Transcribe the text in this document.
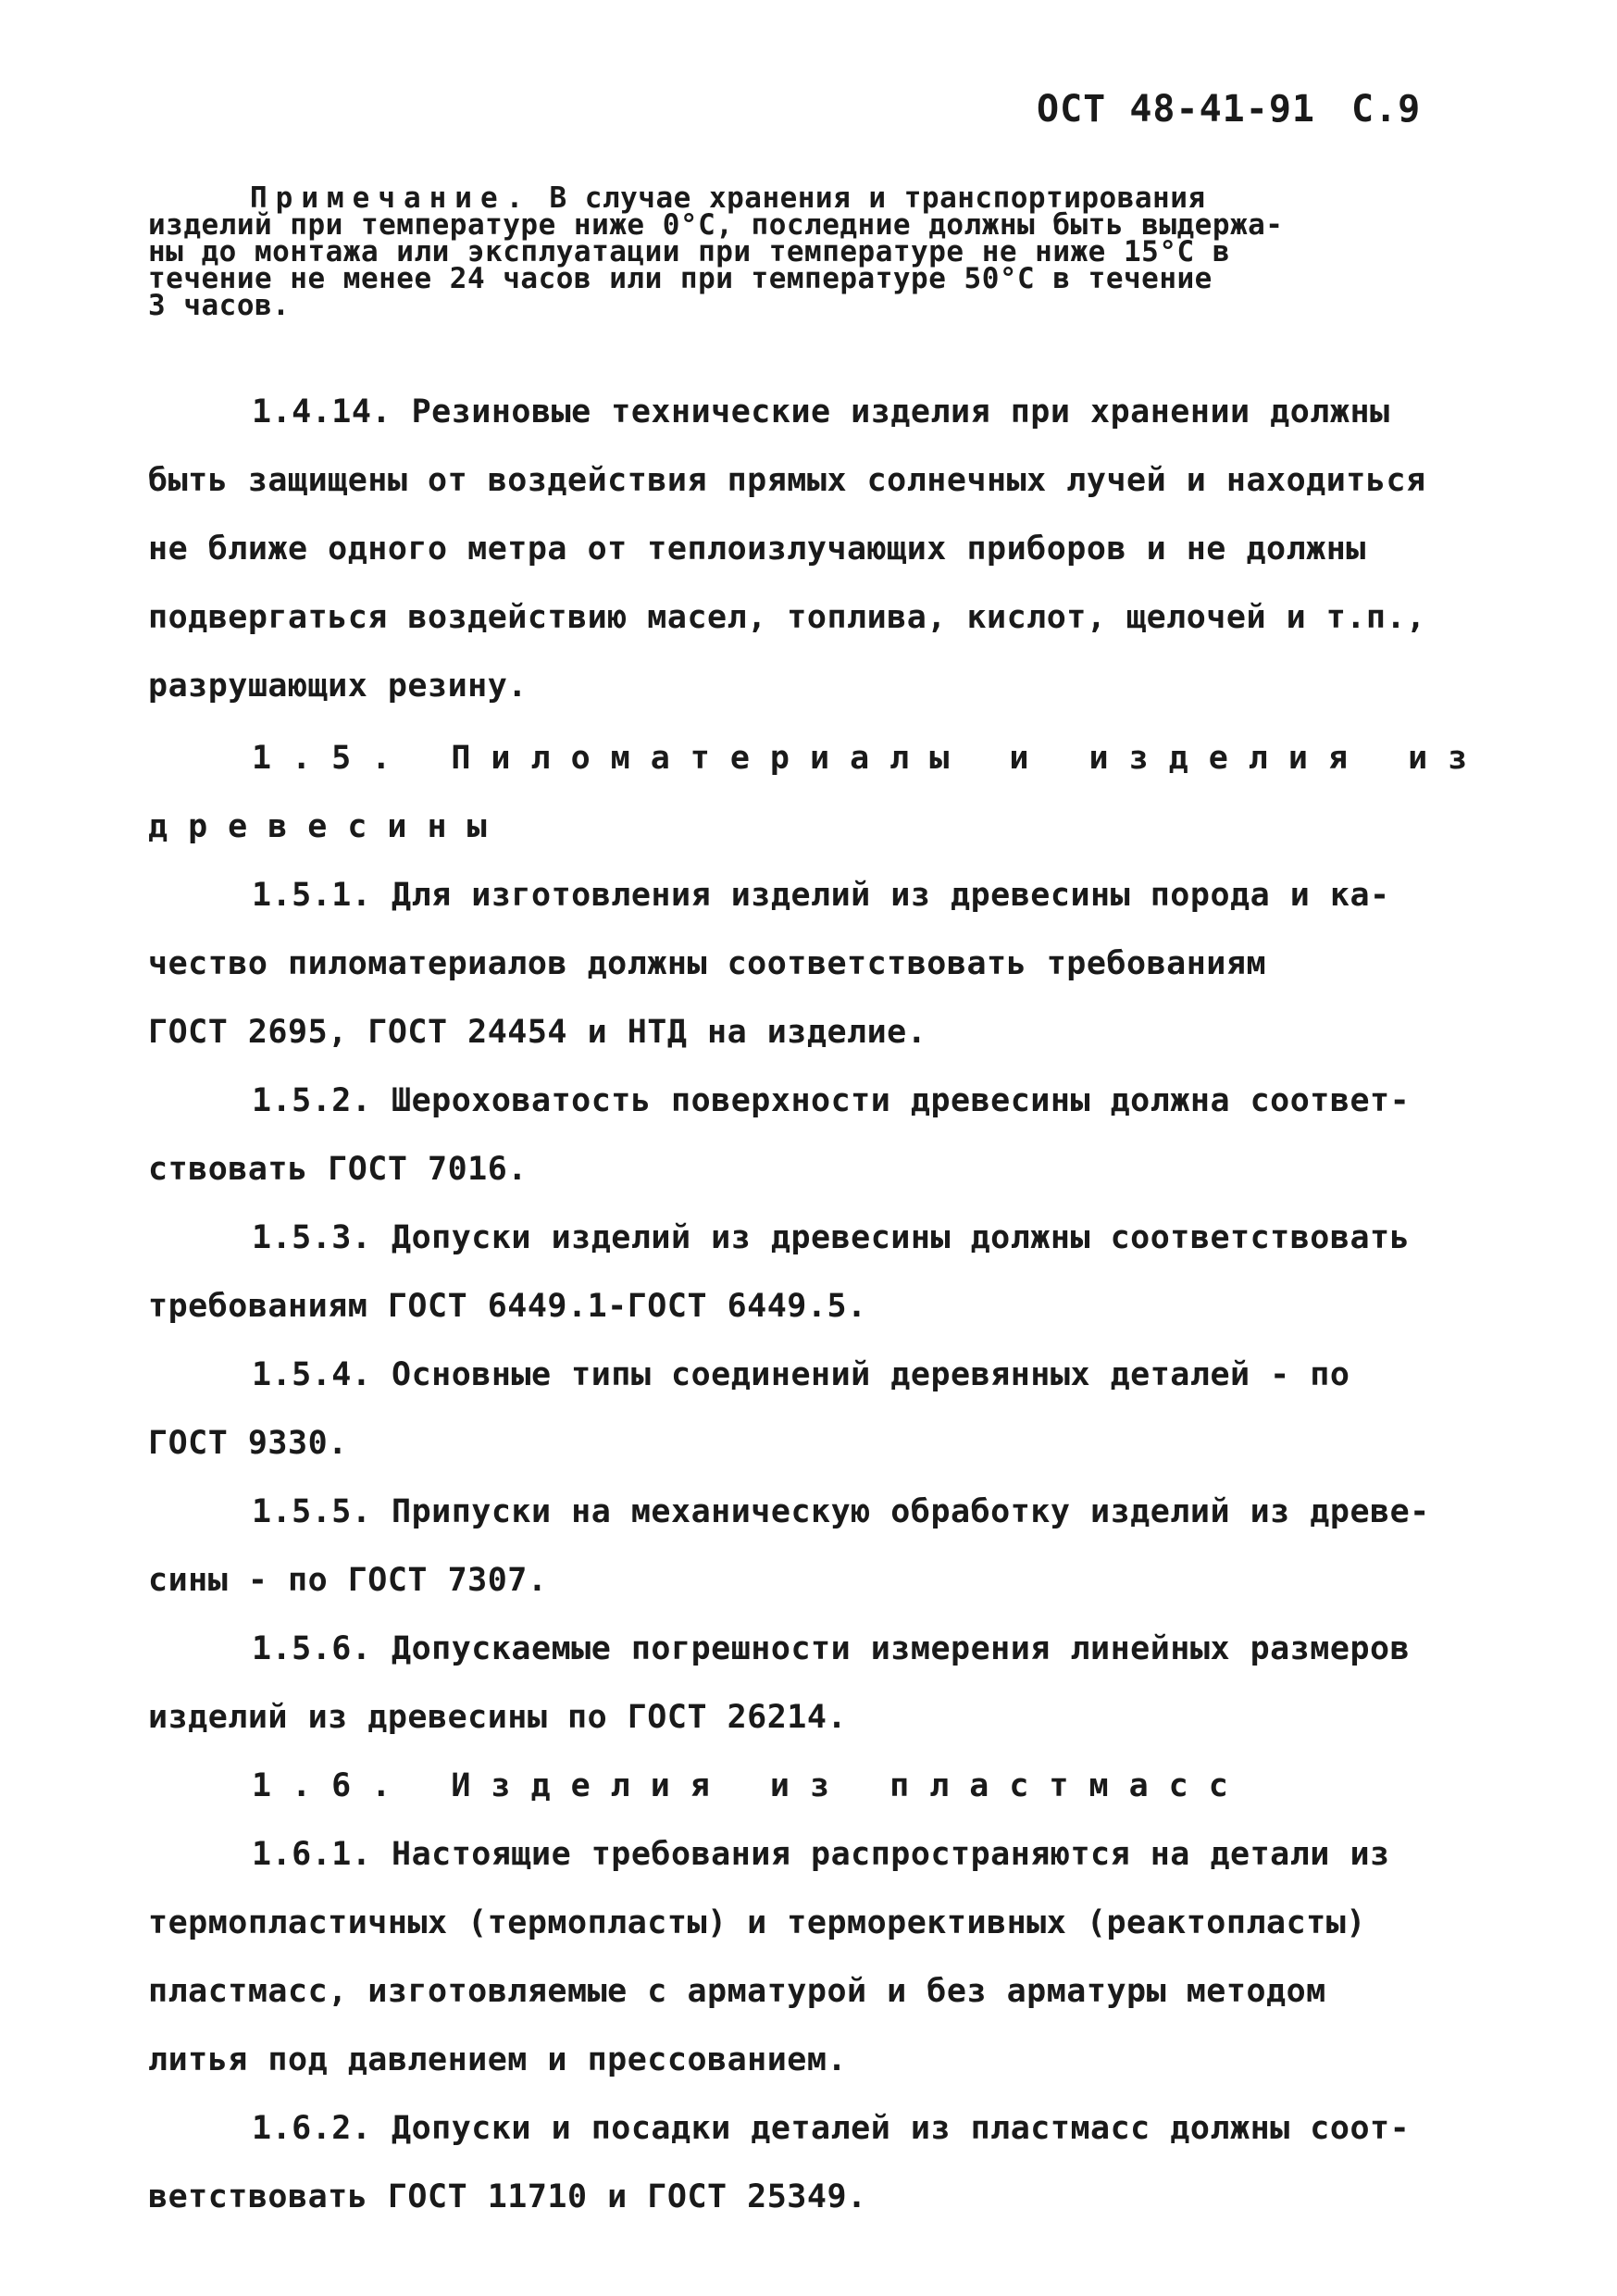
ОСТ 48-41-91 С.9

Примечание. В случае хранения и транспортирования

изделий при температуре ниже 0°С, последние должны быть выдержа-

ны до монтажа или эксплуатации при температуре не ниже 15°С в

течение не менее 24 часов или при температуре 50°С в течение

3 часов.

1.4.14. Резиновые технические изделия при хранении должны
быть защищены от воздействия прямых солнечных лучей и находиться
не ближе одного метра от теплоизлучающих приборов и не должны
подвергаться воздействию масел, топлива, кислот, щелочей и т.п.,
разрушающих резину.
1.5. Пиломатериалы и изделия из
древесины
1.5.1. Для изготовления изделий из древесины порода и ка-
чество пиломатериалов должны соответствовать требованиям
ГОСТ 2695, ГОСТ 24454 и НТД на изделие.
1.5.2. Шероховатость поверхности древесины должна соответ-
ствовать ГОСТ 7016.
1.5.3. Допуски изделий из древесины должны соответствовать
требованиям ГОСТ 6449.1-ГОСТ 6449.5.
1.5.4. Основные типы соединений деревянных деталей - по
ГОСТ 9330.
1.5.5. Припуски на механическую обработку изделий из древе-
сины - по ГОСТ 7307.
1.5.6. Допускаемые погрешности измерения линейных размеров
изделий из древесины по ГОСТ 26214.
1.6. Изделия из пластмасс
1.6.1. Настоящие требования распространяются на детали из
термопластичных (термопласты) и терморективных (реактопласты)
пластмасс, изготовляемые с арматурой и без арматуры методом
литья под давлением и прессованием.
1.6.2. Допуски и посадки деталей из пластмасс должны соот-
ветствовать ГОСТ 11710 и ГОСТ 25349.
